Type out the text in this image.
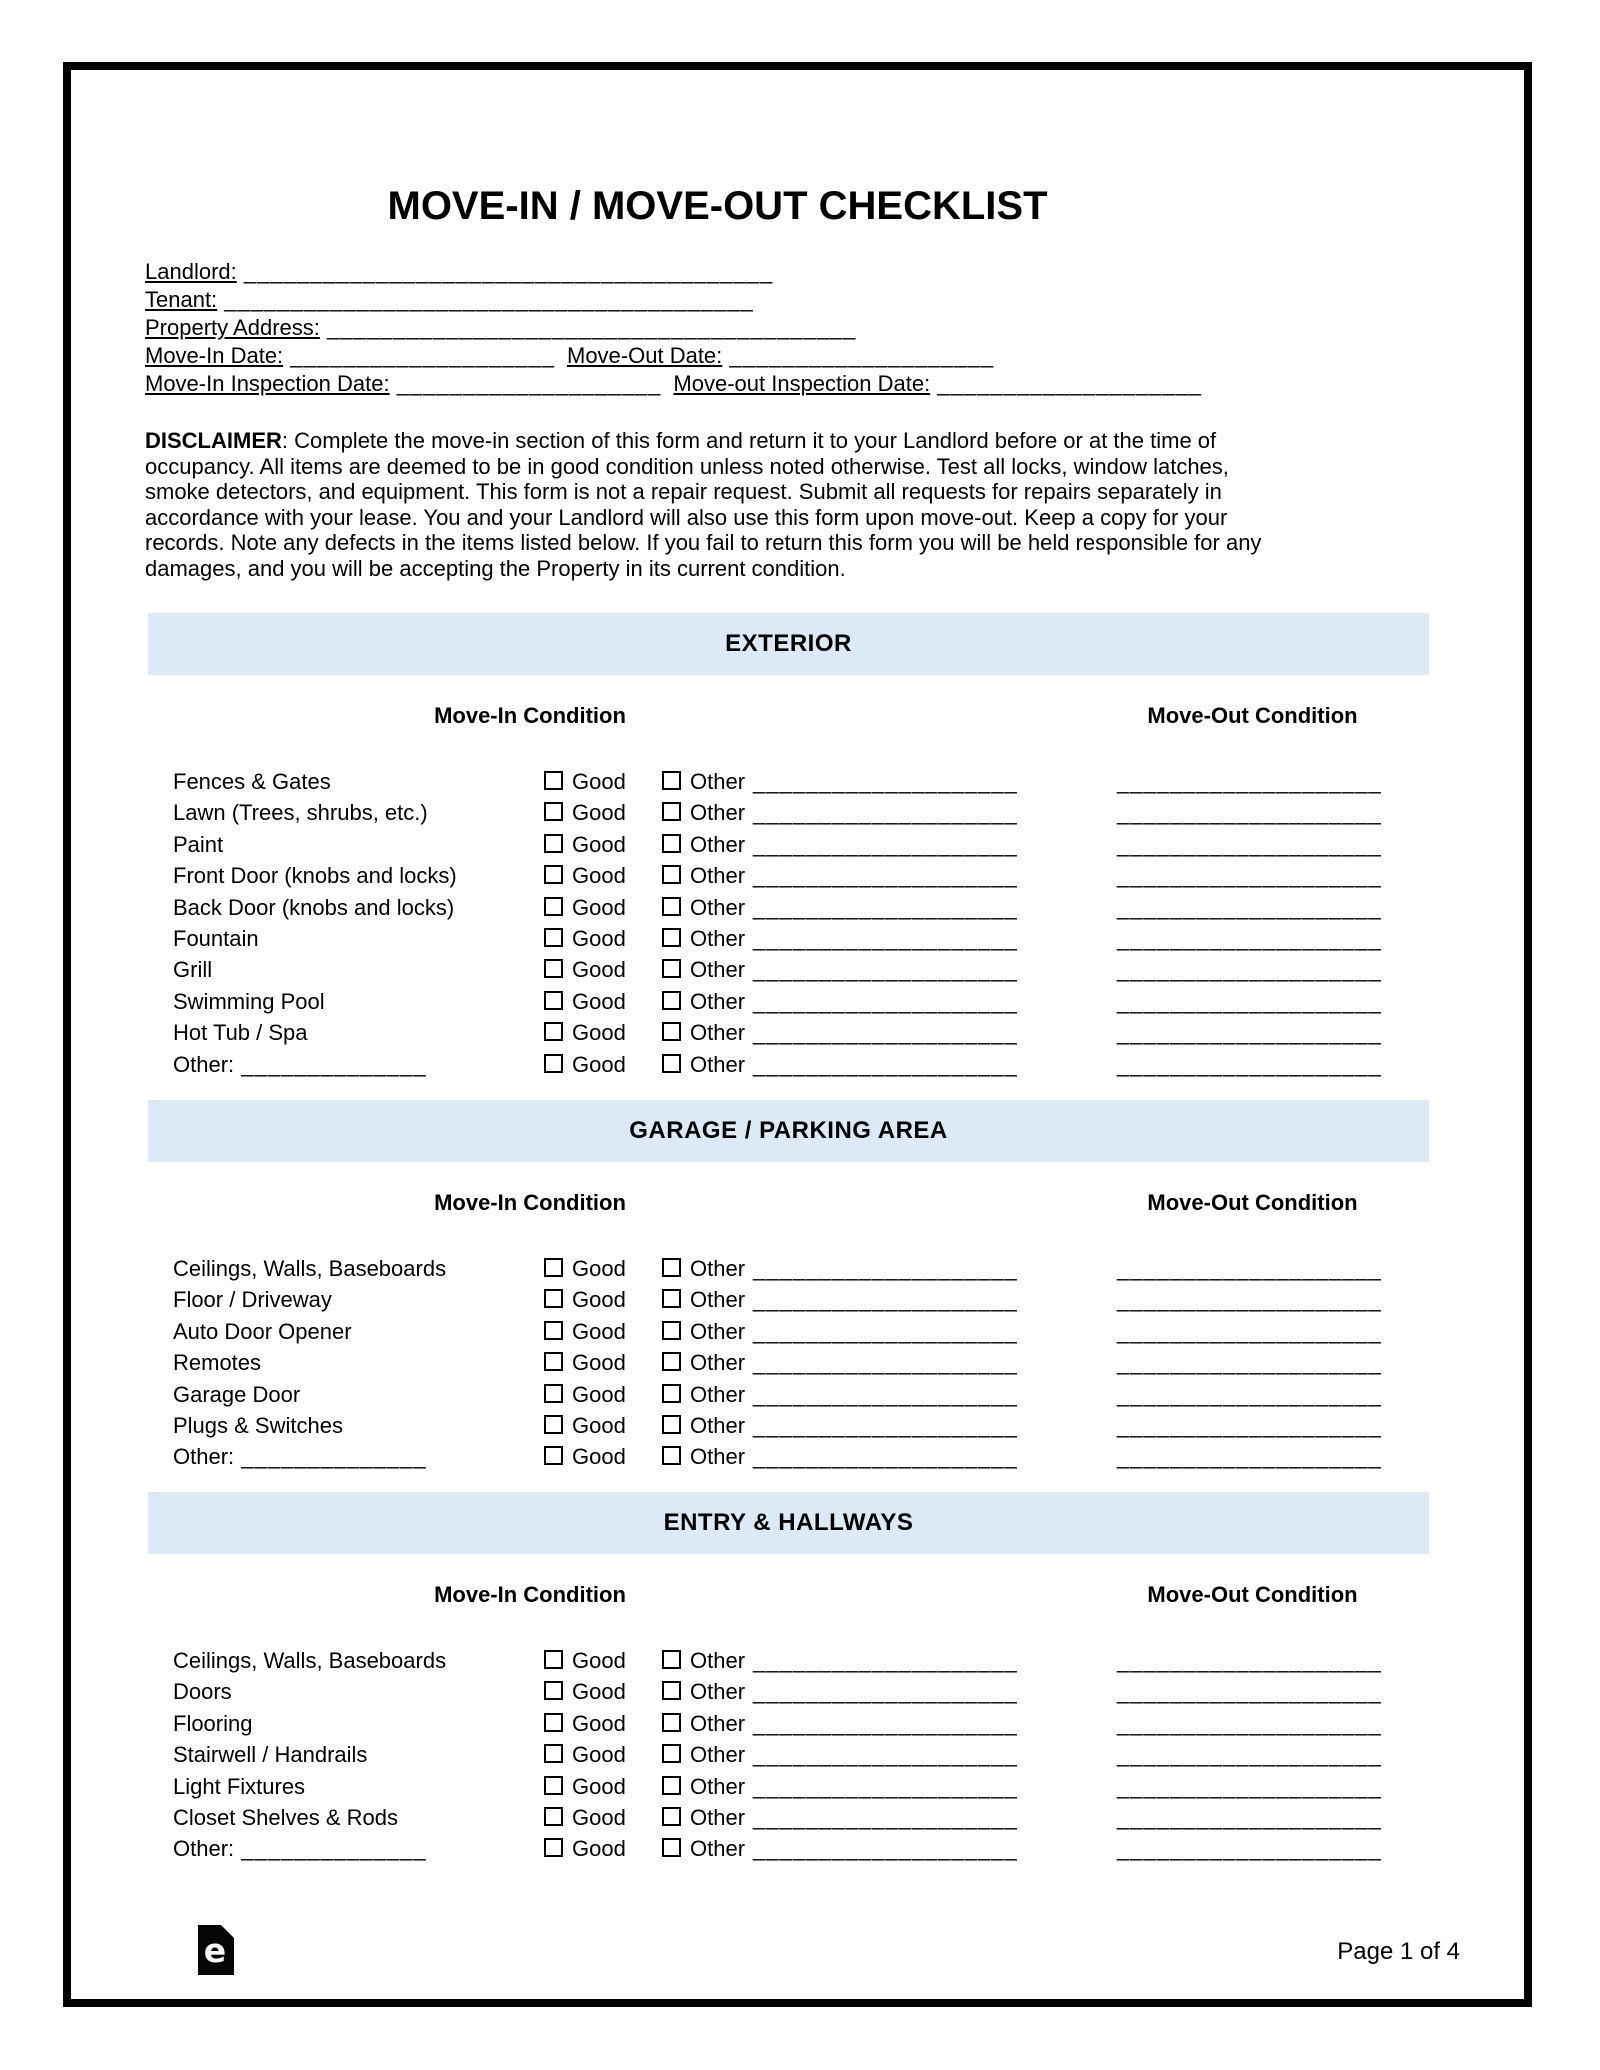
MOVE-IN / MOVE-OUT CHECKLIST
Landlord: ________________________________________
Tenant: ________________________________________
Property Address: ________________________________________
Move-In Date: ____________________ Move-Out Date: ____________________
Move-In Inspection Date: ____________________ Move-out Inspection Date: ____________________
DISCLAIMER: Complete the move-in section of this form and return it to your Landlord before or at the time of occupancy. All items are deemed to be in good condition unless noted otherwise. Test all locks, window latches, smoke detectors, and equipment. This form is not a repair request. Submit all requests for repairs separately in accordance with your lease. You and your Landlord will also use this form upon move-out. Keep a copy for your records. Note any defects in the items listed below. If you fail to return this form you will be held responsible for any damages, and you will be accepting the Property in its current condition.
EXTERIOR
Move-In Condition	Move-Out Condition
Fences & Gates	Good	Other ____________________	____________________
Lawn (Trees, shrubs, etc.)	Good	Other ____________________	____________________
Paint	Good	Other ____________________	____________________
Front Door (knobs and locks)	Good	Other ____________________	____________________
Back Door (knobs and locks)	Good	Other ____________________	____________________
Fountain	Good	Other ____________________	____________________
Grill	Good	Other ____________________	____________________
Swimming Pool	Good	Other ____________________	____________________
Hot Tub / Spa	Good	Other ____________________	____________________
Other: ______________	Good	Other ____________________	____________________
GARAGE / PARKING AREA
Move-In Condition	Move-Out Condition
Ceilings, Walls, Baseboards	Good	Other ____________________	____________________
Floor / Driveway	Good	Other ____________________	____________________
Auto Door Opener	Good	Other ____________________	____________________
Remotes	Good	Other ____________________	____________________
Garage Door	Good	Other ____________________	____________________
Plugs & Switches	Good	Other ____________________	____________________
Other: ______________	Good	Other ____________________	____________________
ENTRY & HALLWAYS
Move-In Condition	Move-Out Condition
Ceilings, Walls, Baseboards	Good	Other ____________________	____________________
Doors	Good	Other ____________________	____________________
Flooring	Good	Other ____________________	____________________
Stairwell / Handrails	Good	Other ____________________	____________________
Light Fixtures	Good	Other ____________________	____________________
Closet Shelves & Rods	Good	Other ____________________	____________________
Other: ______________	Good	Other ____________________	____________________
e	Page 1 of 4
